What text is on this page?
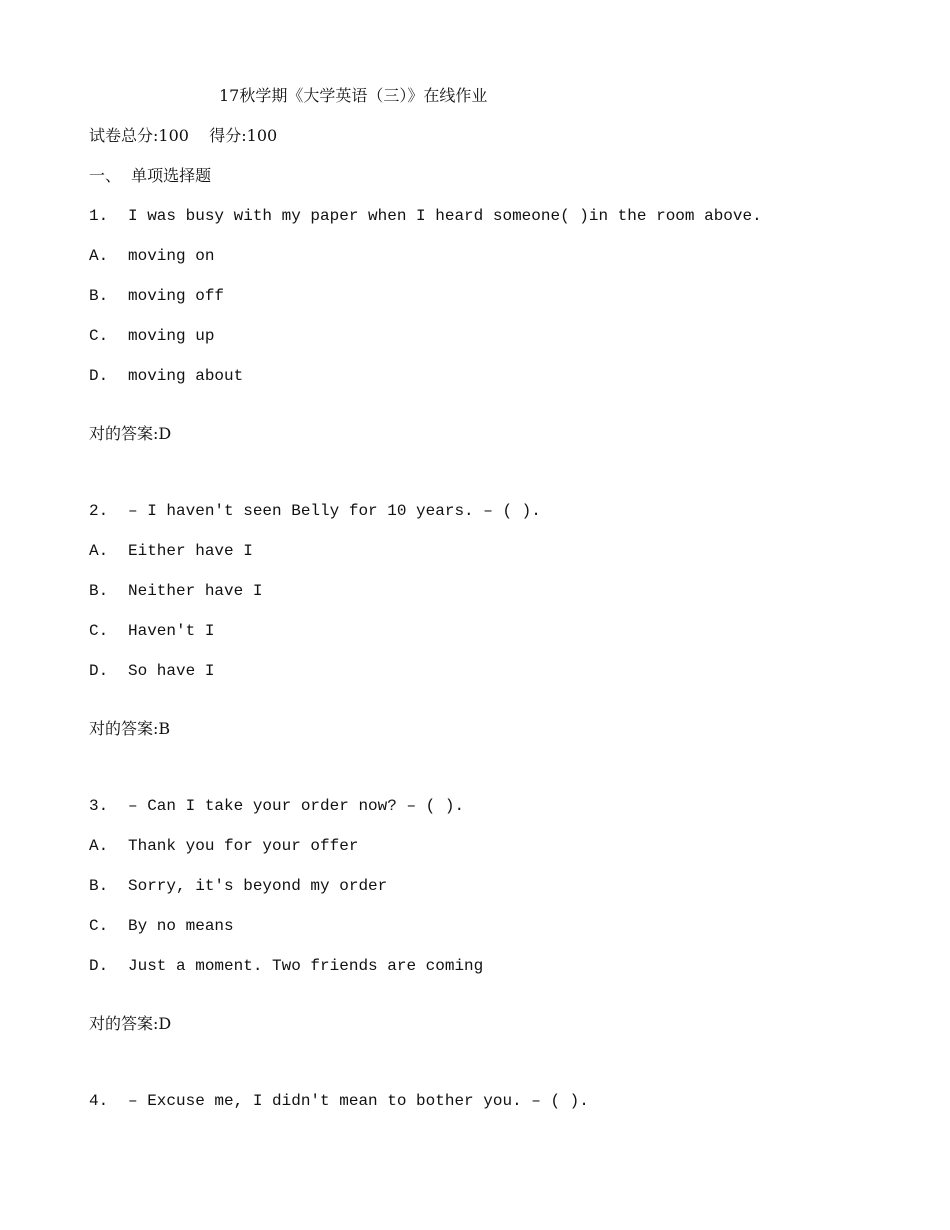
17秋学期《大学英语（三）》在线作业
试卷总分:100    得分:100
一、  单项选择题
1. I was busy with my paper when I heard someone( )in the room above.
A. moving on
B. moving off
C. moving up
D. moving about
对的答案:D
2. – I haven't seen Belly for 10 years. – ( ).
A. Either have I
B. Neither have I
C. Haven't I
D. So have I
对的答案:B
3. – Can I take your order now? – ( ).
A. Thank you for your offer
B. Sorry, it's beyond my order
C. By no means
D. Just a moment. Two friends are coming
对的答案:D
4. – Excuse me, I didn't mean to bother you. – ( ).
